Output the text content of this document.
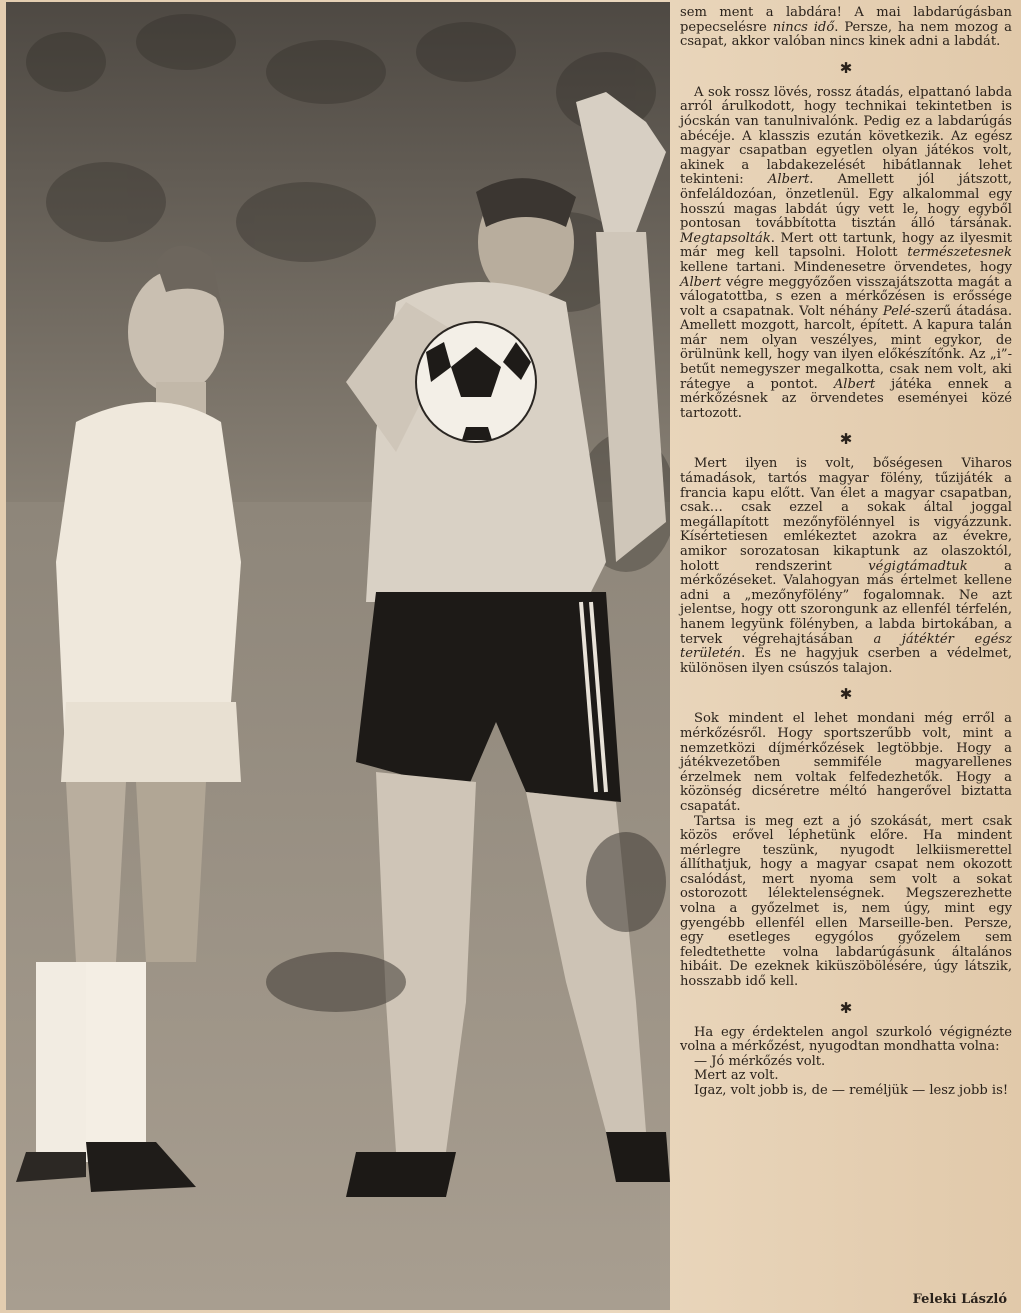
sem ment a labdára! A mai labdarúgásban pepecselésre nincs idő. Persze, ha nem mozog a csapat, akkor valóban nincs kinek adni a labdát.

✱

A sok rossz lövés, rossz átadás, elpattanó labda arról árulkodott, hogy technikai tekintetben is jócskán van tanulnivalónk. Pedig ez a labdarúgás abécéje. A klasszis ezután következik. Az egész magyar csapatban egyetlen olyan játékos volt, akinek a labdakezelését hibátlannak lehet tekinteni: Albert. Amellett jól játszott, önfeláldozóan, önzetlenül. Egy alkalommal egy hosszú magas labdát úgy vett le, hogy egyből pontosan továbbította tisztán álló társának. Megtapsolták. Mert ott tartunk, hogy az ilyesmit már meg kell tapsolni. Holott természetesnek kellene tartani. Mindenesetre örvendetes, hogy Albert végre meggyőzően visszajátszotta magát a válogatottba, s ezen a mérkőzésen is erőssége volt a csapatnak. Volt néhány Pelé-szerű átadása. Amellett mozgott, harcolt, épített. A kapura talán már nem olyan veszélyes, mint egykor, de örülnünk kell, hogy van ilyen előkészítőnk. Az „i”-betűt nemegyszer megalkotta, csak nem volt, aki rátegye a pontot. Albert játéka ennek a mérkőzésnek az örvendetes eseményei közé tartozott.

✱

Mert ilyen is volt, bőségesen Viharos támadások, tartós magyar fölény, tűzijáték a francia kapu előtt. Van élet a magyar csapatban, csak… csak ezzel a sokak által joggal megállapított mezőnyfölénnyel is vigyázzunk. Kísértetiesen emlékeztet azokra az évekre, amikor sorozatosan kikaptunk az olaszoktól, holott rendszerint végigtámadtuk a mérkőzéseket. Valahogyan más értelmet kellene adni a „mezőnyfölény” fogalomnak. Ne azt jelentse, hogy ott szorongunk az ellenfél térfelén, hanem legyünk fölényben, a labda birtokában, a tervek végrehajtásában a játéktér egész területén. És ne hagyjuk cserben a védelmet, különösen ilyen csúszós talajon.

✱

Sok mindent el lehet mondani még erről a mérkőzésről. Hogy sportszerűbb volt, mint a nemzetközi díjmérkőzések legtöbbje. Hogy a játékvezetőben semmiféle magyarellenes érzelmek nem voltak felfedezhetők. Hogy a közönség dicséretre méltó hangerővel biztatta csapatát.

Tartsa is meg ezt a jó szokását, mert csak közös erővel léphetünk előre. Ha mindent mérlegre teszünk, nyugodt lelkiismerettel állíthatjuk, hogy a magyar csapat nem okozott csalódást, mert nyoma sem volt a sokat ostorozott lélektelenségnek. Megszerezhette volna a győzelmet is, nem úgy, mint egy gyengébb ellenfél ellen Marseille-ben. Persze, egy esetleges egygólos győzelem sem feledtethette volna labdarúgásunk általános hibáit. De ezeknek kiküszöbölésére, úgy látszik, hosszabb idő kell.

✱

Ha egy érdektelen angol szurkoló végignézte volna a mérkőzést, nyugodtan mondhatta volna:

— Jó mérkőzés volt.

Mert az volt.

Igaz, volt jobb is, de — reméljük — lesz jobb is!

Feleki László
